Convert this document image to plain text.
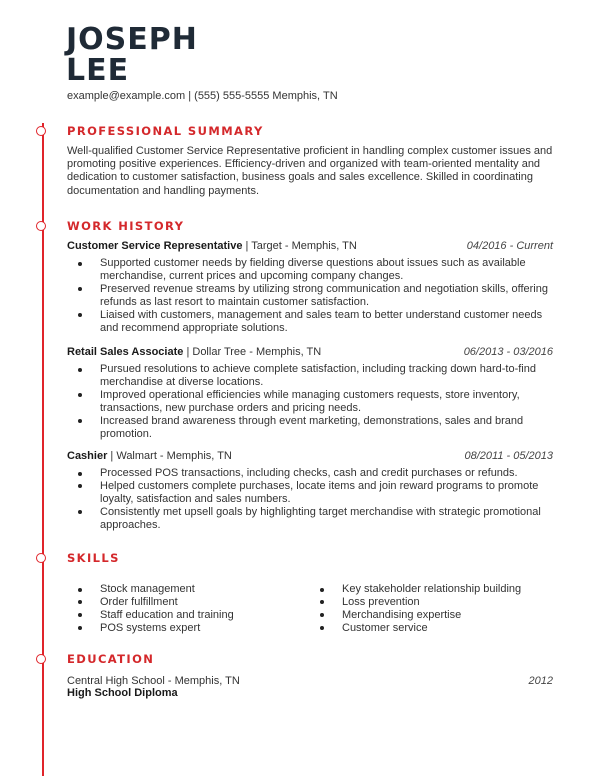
JOSEPH
LEE
example@example.com | (555) 555-5555 Memphis, TN
PROFESSIONAL SUMMARY

Well-qualified Customer Service Representative proficient in handling complex customer issues and promoting positive experiences. Efficiency-driven and organized with team-oriented mentality and dedication to customer satisfaction, business goals and sales excellence. Skilled in coordinating documentation and handling payments.

WORK HISTORY
Customer Service Representative | Target - Memphis, TN	04/2016 - Current
Supported customer needs by fielding diverse questions about issues such as available merchandise, current prices and upcoming company changes.
Preserved revenue streams by utilizing strong communication and negotiation skills, offering refunds as last resort to maintain customer satisfaction.
Liaised with customers, management and sales team to better understand customer needs and recommend appropriate solutions.
Retail Sales Associate | Dollar Tree - Memphis, TN	06/2013 - 03/2016
Pursued resolutions to achieve complete satisfaction, including tracking down hard-to-find merchandise at diverse locations.
Improved operational efficiencies while managing customers requests, store inventory, transactions, new purchase orders and pricing needs.
Increased brand awareness through event marketing, demonstrations, sales and brand promotion.
Cashier | Walmart - Memphis, TN	08/2011 - 05/2013
Processed POS transactions, including checks, cash and credit purchases or refunds.
Helped customers complete purchases, locate items and join reward programs to promote loyalty, satisfaction and sales numbers.
Consistently met upsell goals by highlighting target merchandise with strategic promotional approaches.
SKILLS
Stock management
Order fulfillment
Staff education and training
POS systems expert
Key stakeholder relationship building
Loss prevention
Merchandising expertise
Customer service
EDUCATION
Central High School - Memphis, TN	2012
High School Diploma
